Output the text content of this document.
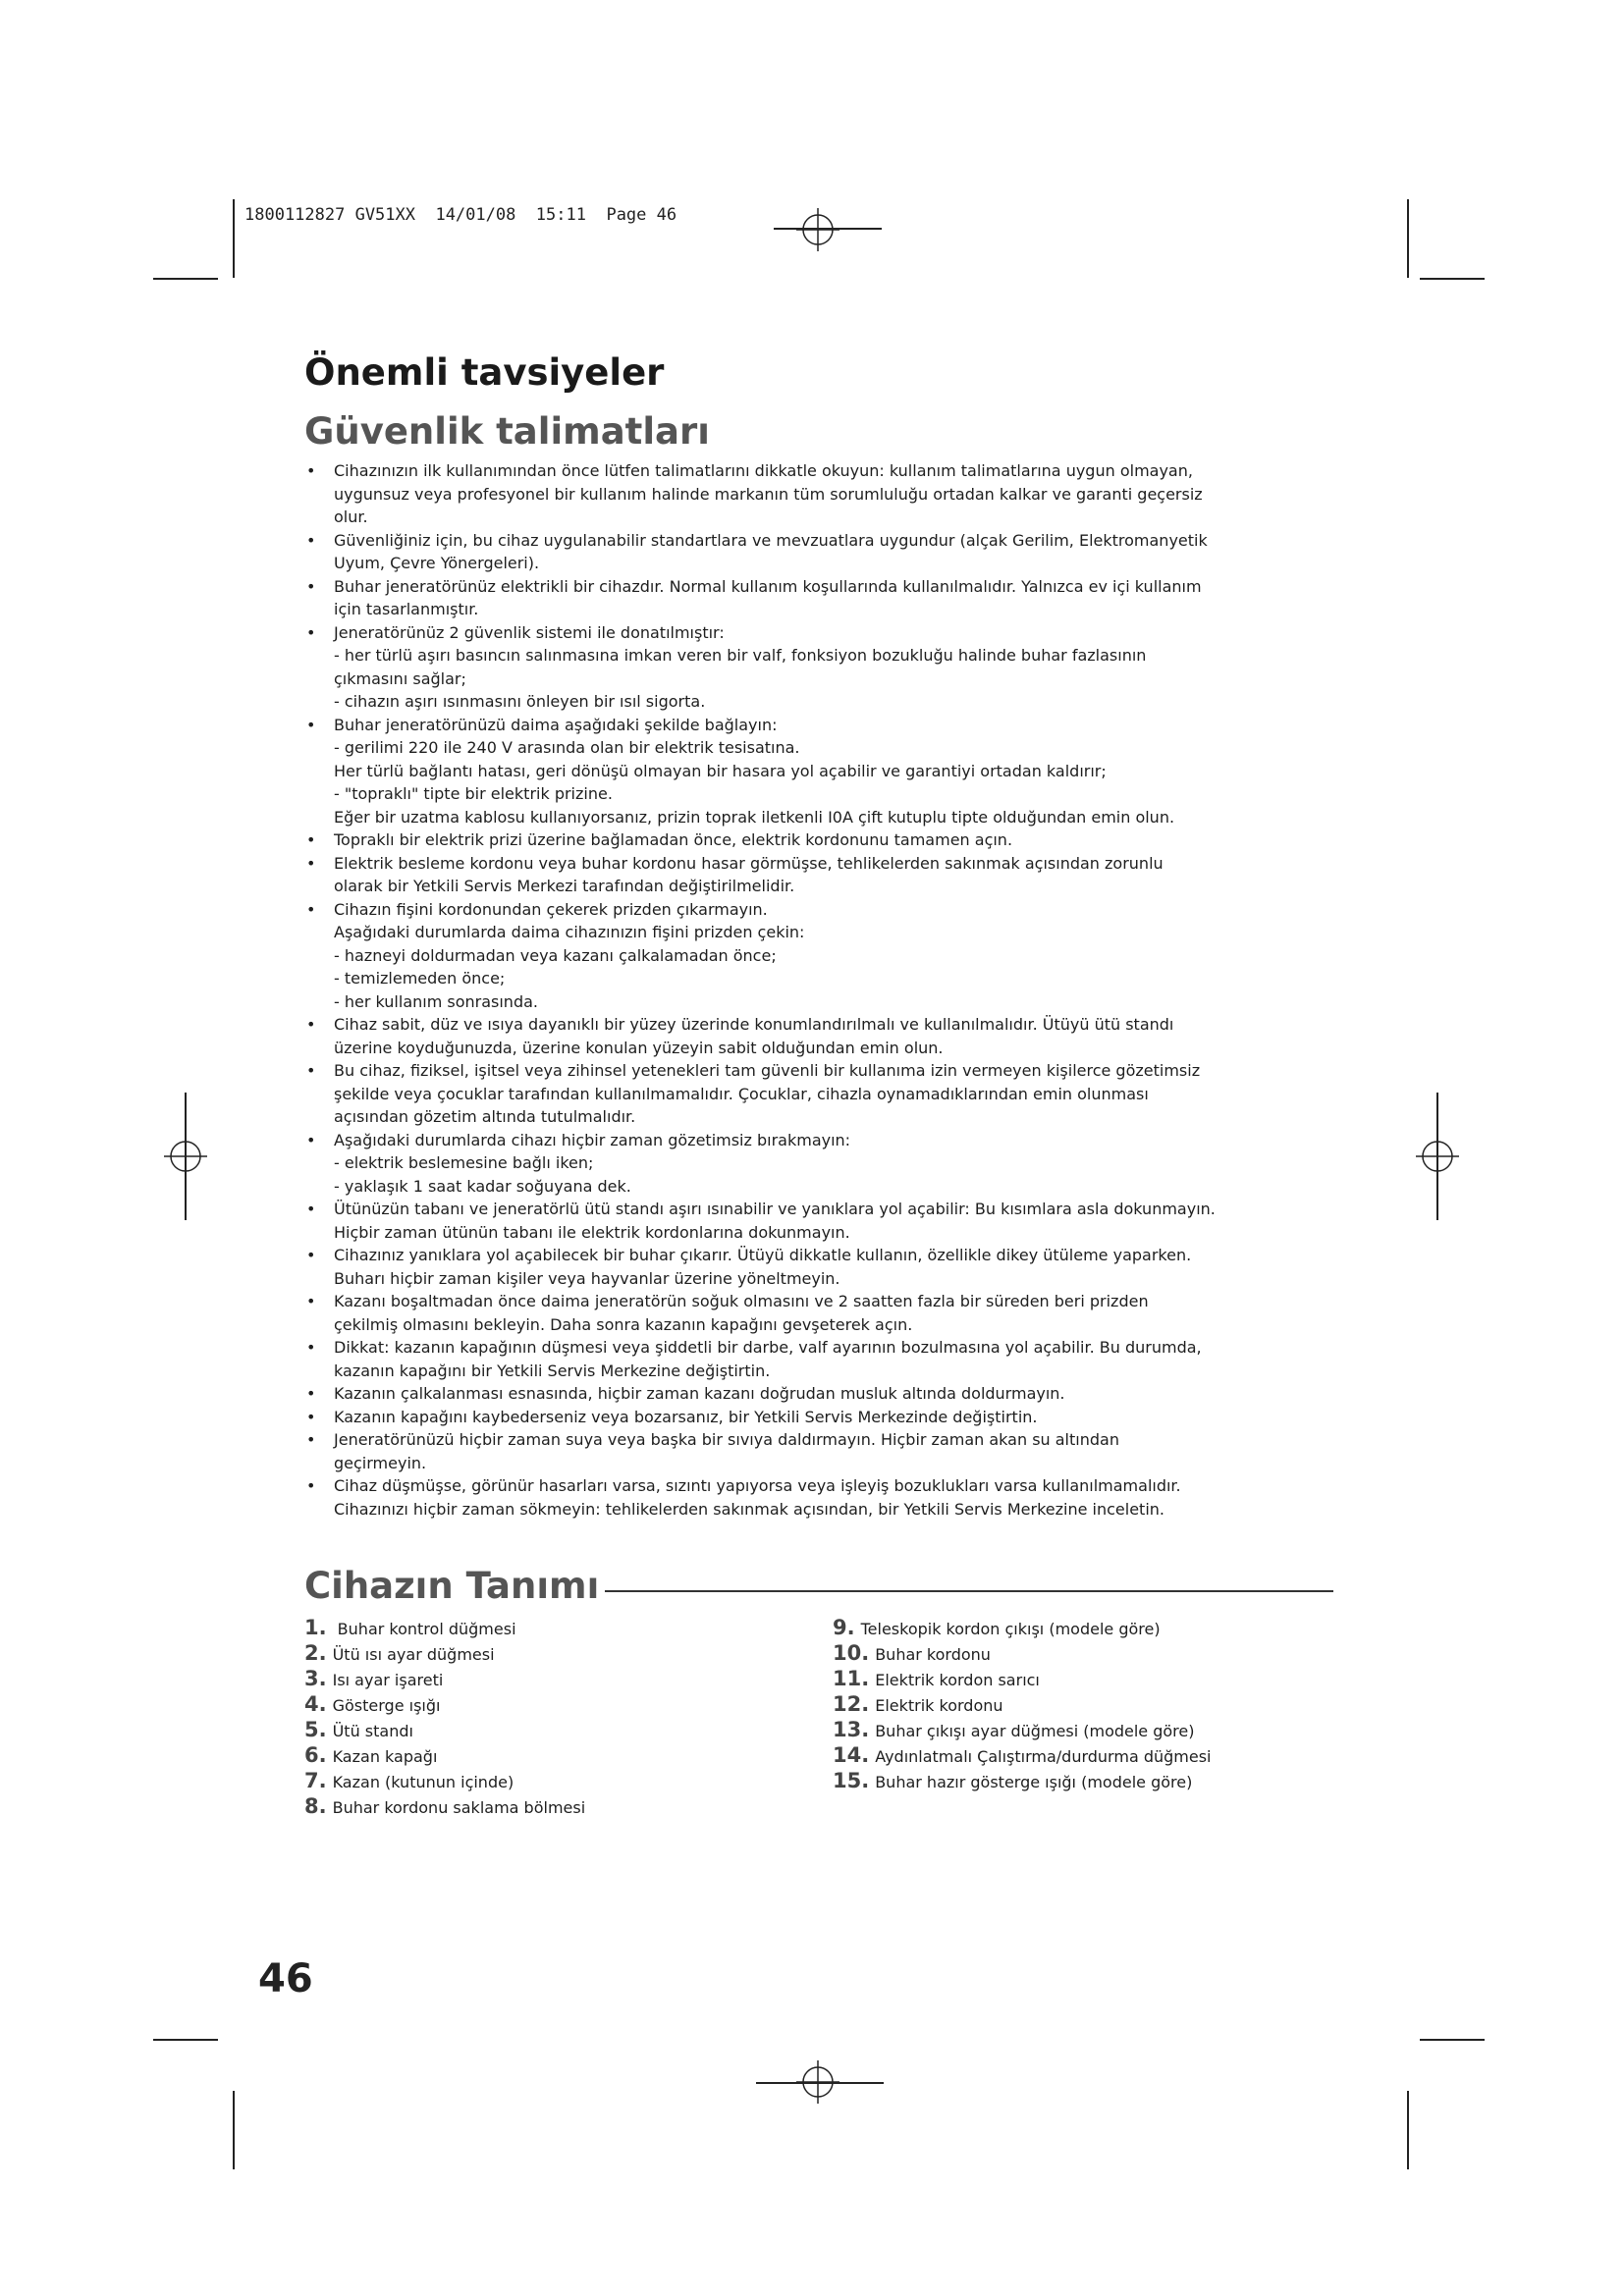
1800112827 GV51XX  14/01/08  15:11  Page 46

Önemli tavsiyeler
Güvenlik talimatları
• Cihazınızın ilk kullanımından önce lütfen talimatlarını dikkatle okuyun: kullanım talimatlarına uygun olmayan,
uygunsuz veya profesyonel bir kullanım halinde markanın tüm sorumluluğu ortadan kalkar ve garanti geçersiz
olur.
• Güvenliğiniz için, bu cihaz uygulanabilir standartlara ve mevzuatlara uygundur (alçak Gerilim, Elektromanyetik
Uyum, Çevre Yönergeleri).
• Buhar jeneratörünüz elektrikli bir cihazdır. Normal kullanım koşullarında kullanılmalıdır. Yalnızca ev içi kullanım
için tasarlanmıştır.
• Jeneratörünüz 2 güvenlik sistemi ile donatılmıştır:
- her türlü aşırı basıncın salınmasına imkan veren bir valf, fonksiyon bozukluğu halinde buhar fazlasının
çıkmasını sağlar;
- cihazın aşırı ısınmasını önleyen bir ısıl sigorta.
• Buhar jeneratörünüzü daima aşağıdaki şekilde bağlayın:
- gerilimi 220 ile 240 V arasında olan bir elektrik tesisatına.
Her türlü bağlantı hatası, geri dönüşü olmayan bir hasara yol açabilir ve garantiyi ortadan kaldırır;
- "topraklı" tipte bir elektrik prizine.
Eğer bir uzatma kablosu kullanıyorsanız, prizin toprak iletkenli I0A çift kutuplu tipte olduğundan emin olun.
• Topraklı bir elektrik prizi üzerine bağlamadan önce, elektrik kordonunu tamamen açın.
• Elektrik besleme kordonu veya buhar kordonu hasar görmüşse, tehlikelerden sakınmak açısından zorunlu
olarak bir Yetkili Servis Merkezi tarafından değiştirilmelidir.
• Cihazın fişini kordonundan çekerek prizden çıkarmayın.
Aşağıdaki durumlarda daima cihazınızın fişini prizden çekin:
- hazneyi doldurmadan veya kazanı çalkalamadan önce;
- temizlemeden önce;
- her kullanım sonrasında.
• Cihaz sabit, düz ve ısıya dayanıklı bir yüzey üzerinde konumlandırılmalı ve kullanılmalıdır. Ütüyü ütü standı
üzerine koyduğunuzda, üzerine konulan yüzeyin sabit olduğundan emin olun.
• Bu cihaz, fiziksel, işitsel veya zihinsel yetenekleri tam güvenli bir kullanıma izin vermeyen kişilerce gözetimsiz
şekilde veya çocuklar tarafından kullanılmamalıdır. Çocuklar, cihazla oynamadıklarından emin olunması
açısından gözetim altında tutulmalıdır.
• Aşağıdaki durumlarda cihazı hiçbir zaman gözetimsiz bırakmayın:
- elektrik beslemesine bağlı iken;
- yaklaşık 1 saat kadar soğuyana dek.
• Ütünüzün tabanı ve jeneratörlü ütü standı aşırı ısınabilir ve yanıklara yol açabilir: Bu kısımlara asla dokunmayın.
Hiçbir zaman ütünün tabanı ile elektrik kordonlarına dokunmayın.
• Cihazınız yanıklara yol açabilecek bir buhar çıkarır. Ütüyü dikkatle kullanın, özellikle dikey ütüleme yaparken.
Buharı hiçbir zaman kişiler veya hayvanlar üzerine yöneltmeyin.
• Kazanı boşaltmadan önce daima jeneratörün soğuk olmasını ve 2 saatten fazla bir süreden beri prizden
çekilmiş olmasını bekleyin. Daha sonra kazanın kapağını gevşeterek açın.
• Dikkat: kazanın kapağının düşmesi veya şiddetli bir darbe, valf ayarının bozulmasına yol açabilir. Bu durumda,
kazanın kapağını bir Yetkili Servis Merkezine değiştirtin.
• Kazanın çalkalanması esnasında, hiçbir zaman kazanı doğrudan musluk altında doldurmayın.
• Kazanın kapağını kaybederseniz veya bozarsanız, bir Yetkili Servis Merkezinde değiştirtin.
• Jeneratörünüzü hiçbir zaman suya veya başka bir sıvıya daldırmayın. Hiçbir zaman akan su altından
geçirmeyin.
• Cihaz düşmüşse, görünür hasarları varsa, sızıntı yapıyorsa veya işleyiş bozuklukları varsa kullanılmamalıdır.
Cihazınızı hiçbir zaman sökmeyin: tehlikelerden sakınmak açısından, bir Yetkili Servis Merkezine inceletin.
Cihazın Tanımı
1. Buhar kontrol düğmesi
2. Ütü ısı ayar düğmesi
3. Isı ayar işareti
4. Gösterge ışığı
5. Ütü standı
6. Kazan kapağı
7. Kazan (kutunun içinde)
8. Buhar kordonu saklama bölmesi
9. Teleskopik kordon çıkışı (modele göre)
10. Buhar kordonu
11. Elektrik kordon sarıcı
12. Elektrik kordonu
13. Buhar çıkışı ayar düğmesi (modele göre)
14. Aydınlatmalı Çalıştırma/durdurma düğmesi
15. Buhar hazır gösterge ışığı (modele göre)

46
